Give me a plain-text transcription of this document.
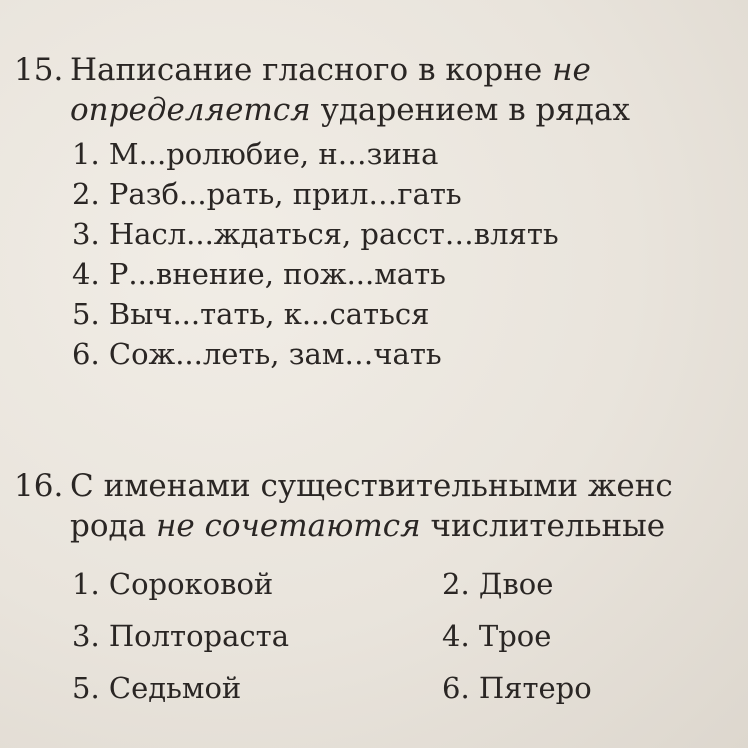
15. Написание гласного в корне не
определяется ударением в рядах
1. М...ролюбие, н…зина
2. Разб...рать, прил…гать
3. Насл...ждаться, расст…влять
4. Р...внение, пож...мать
5. Выч...тать, к...саться
6. Сож...леть, зам…чать
16. С именами существительными женс
рода не сочетаются числительные
1. Сороковой	2. Двое
3. Полтораста	4. Трое
5. Седьмой	6. Пятеро
